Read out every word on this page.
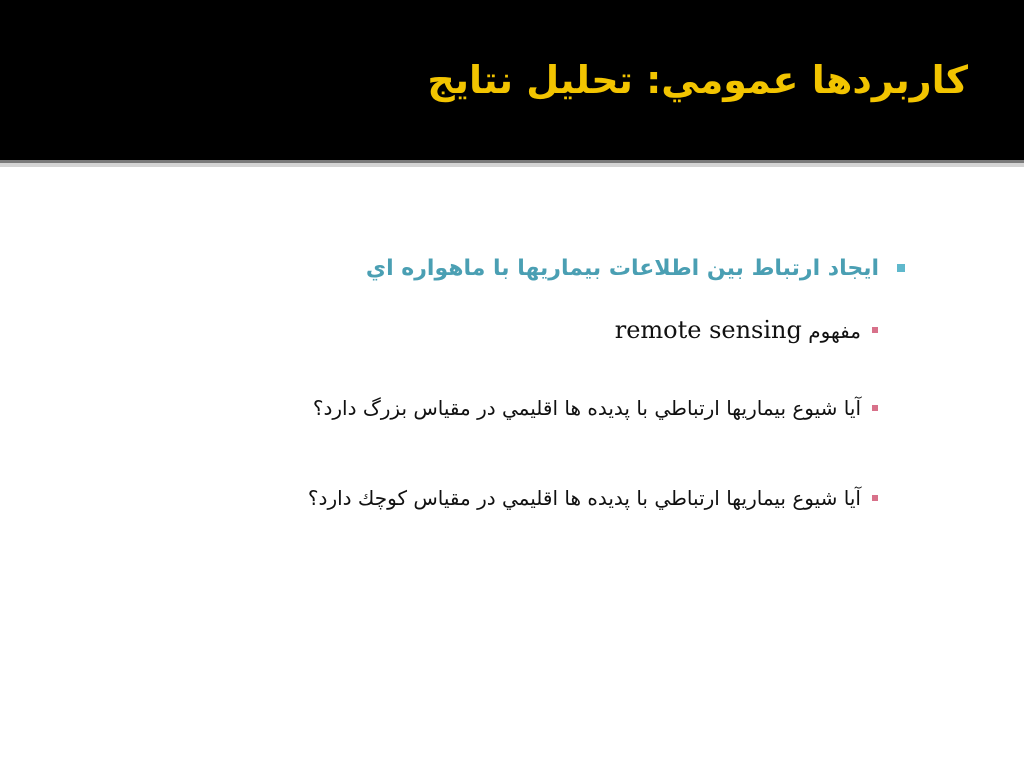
كاربردها عمومي: تحليل نتايج
ايجاد ارتباط بين اطلاعات بيماريها با ماهواره اي
مفهوم remote sensing
آيا شيوع بيماريها ارتباطي با پديده ها اقليمي در مقياس بزرگ دارد؟
آيا شيوع بيماريها ارتباطي با پديده ها اقليمي در مقياس كوچك دارد؟
